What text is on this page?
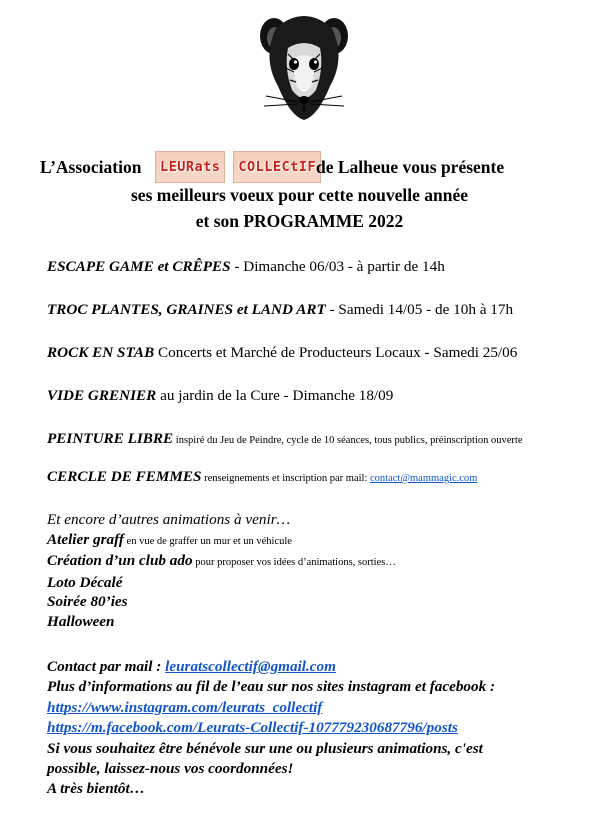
L’Association	LEURats	COLLECtIF de Lalheue vous présente
ses meilleurs voeux pour cette nouvelle année
et son PROGRAMME 2022
ESCAPE GAME et CRÊPES - Dimanche 06/03 - à partir de 14h
TROC PLANTES, GRAINES et LAND ART - Samedi 14/05 - de 10h à 17h
ROCK EN STAB Concerts et Marché de Producteurs Locaux - Samedi 25/06
VIDE GRENIER au jardin de la Cure - Dimanche 18/09
PEINTURE LIBRE inspiré du Jeu de Peindre, cycle de 10 séances, tous publics, préinscription ouverte
CERCLE DE FEMMES renseignements et inscription par mail: contact@mammagic.com
Et encore d’autres animations à venir…
Atelier graff en vue de graffer un mur et un véhicule
Création d’un club ado pour proposer vos idées d’animations, sorties…
Loto Décalé
Soirée 80’ies
Halloween
Contact par mail : leuratscollectif@gmail.com
Plus d’informations au fil de l’eau sur nos sites instagram et facebook :
https://www.instagram.com/leurats_collectif
https://m.facebook.com/Leurats-Collectif-107779230687796/posts
Si vous souhaitez être bénévole sur une ou plusieurs animations, c'est
possible, laissez-nous vos coordonnées!
A très bientôt…
